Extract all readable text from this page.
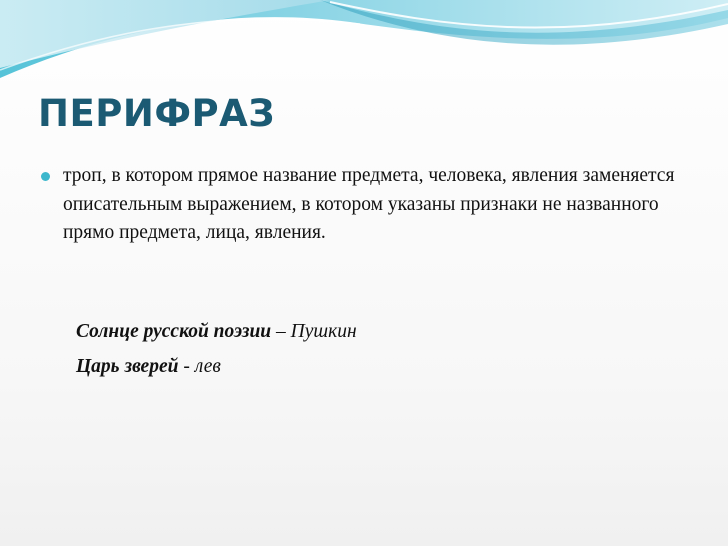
ПЕРИФРАЗ
троп, в котором прямое название предмета, человека, явления заменяется описательным выражением, в котором указаны признаки не названного прямо предмета, лица, явления.
Солнце русской поэзии – Пушкин
Царь зверей - лев
